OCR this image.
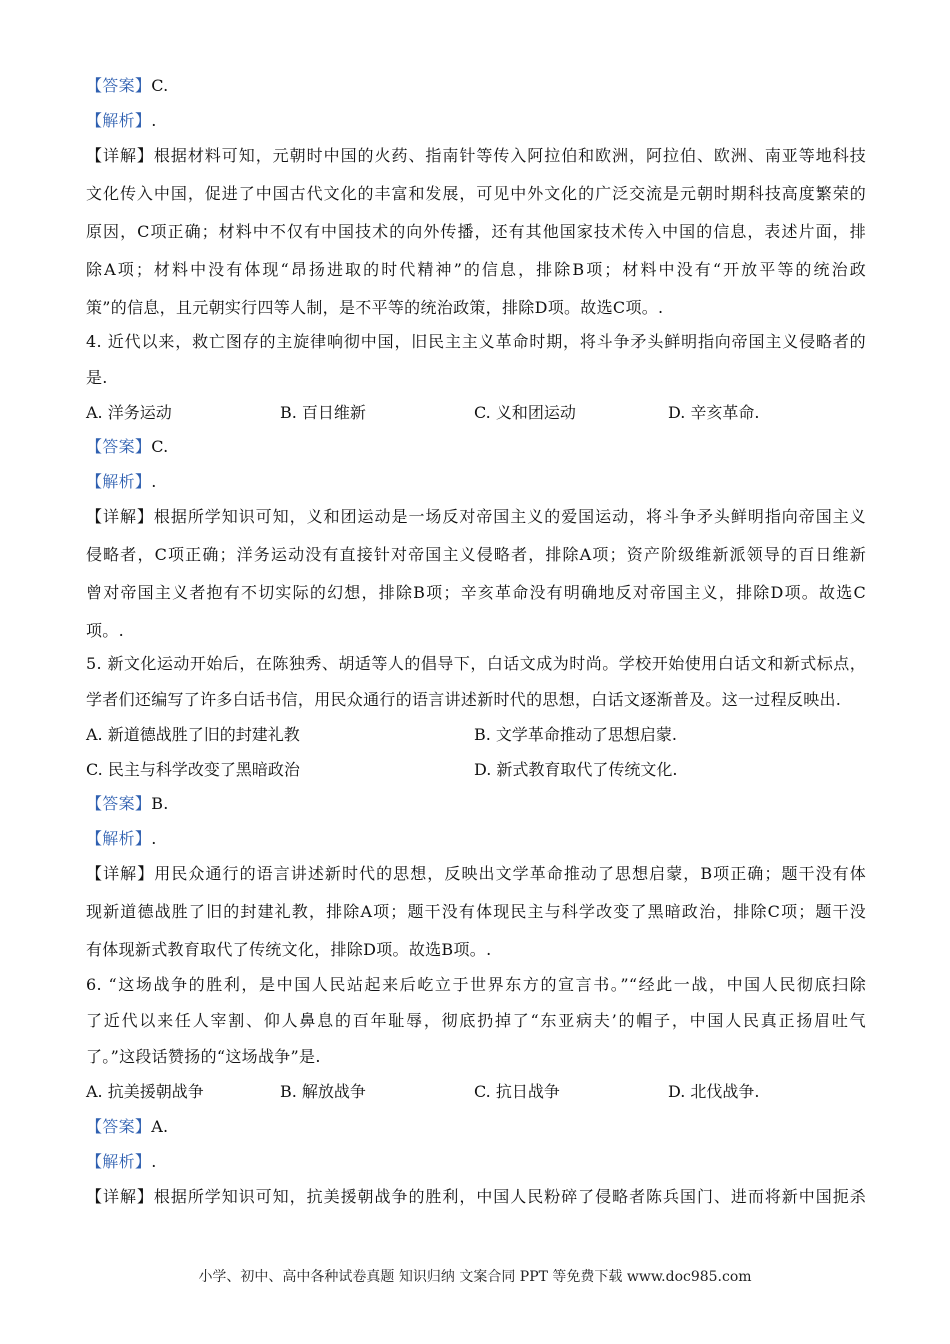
【答案】C.
【解析】.
【详解】根据材料可知，元朝时中国的火药、指南针等传入阿拉伯和欧洲，阿拉伯、欧洲、南亚等地科技
文化传入中国，促进了中国古代文化的丰富和发展，可见中外文化的广泛交流是元朝时期科技高度繁荣的
原因，C项正确；材料中不仅有中国技术的向外传播，还有其他国家技术传入中国的信息，表述片面，排
除A项；材料中没有体现“昂扬进取的时代精神”的信息，排除B项；材料中没有“开放平等的统治政
策”的信息，且元朝实行四等人制，是不平等的统治政策，排除D项。故选C项。.
4. 近代以来，救亡图存的主旋律响彻中国，旧民主主义革命时期，将斗争矛头鲜明指向帝国主义侵略者的
是.
A. 洋务运动	B. 百日维新	C. 义和团运动	D. 辛亥革命.
【答案】C.
【解析】.
【详解】根据所学知识可知，义和团运动是一场反对帝国主义的爱国运动，将斗争矛头鲜明指向帝国主义
侵略者，C项正确；洋务运动没有直接针对帝国主义侵略者，排除A项；资产阶级维新派领导的百日维新
曾对帝国主义者抱有不切实际的幻想，排除B项；辛亥革命没有明确地反对帝国主义，排除D项。故选C
项。.
5. 新文化运动开始后，在陈独秀、胡适等人的倡导下，白话文成为时尚。学校开始使用白话文和新式标点，
学者们还编写了许多白话书信，用民众通行的语言讲述新时代的思想，白话文逐渐普及。这一过程反映出.
A. 新道德战胜了旧的封建礼教	B. 文学革命推动了思想启蒙.
C. 民主与科学改变了黑暗政治	D. 新式教育取代了传统文化.
【答案】B.
【解析】.
【详解】用民众通行的语言讲述新时代的思想，反映出文学革命推动了思想启蒙，B项正确；题干没有体
现新道德战胜了旧的封建礼教，排除A项；题干没有体现民主与科学改变了黑暗政治，排除C项；题干没
有体现新式教育取代了传统文化，排除D项。故选B项。.
6. “这场战争的胜利，是中国人民站起来后屹立于世界东方的宣言书。”“经此一战，中国人民彻底扫除
了近代以来任人宰割、仰人鼻息的百年耻辱，彻底扔掉了“东亚病夫’的帽子，中国人民真正扬眉吐气
了。”这段话赞扬的“这场战争”是.
A. 抗美援朝战争	B. 解放战争	C. 抗日战争	D. 北伐战争.
【答案】A.
【解析】.
【详解】根据所学知识可知，抗美援朝战争的胜利，中国人民粉碎了侵略者陈兵国门、进而将新中国扼杀
小学、初中、高中各种试卷真题 知识归纳 文案合同 PPT 等免费下载 www.doc985.com
